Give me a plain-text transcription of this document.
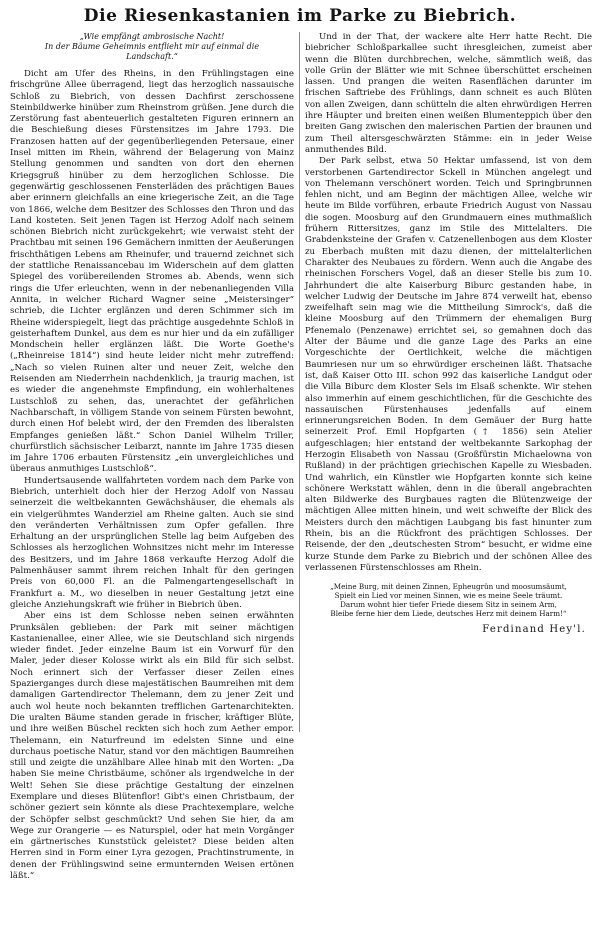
Die Riesenkastanien im Parke zu Biebrich.
„Wie empfängt ambrosische Nacht!
In der Bäume Geheimnis entflieht mir auf einmal die Landschaft.“

Dicht am Ufer des Rheins, in den Frühlingstagen eine frischgrüne Allee überragend, liegt das herzoglich nassauische Schloß zu Biebrich, von dessen Dachfirst zerschossene Steinbildwerke hinüber zum Rheinstrom grüßen. Jene durch die Zerstörung fast abenteuerlich gestalteten Figuren erinnern an die Beschießung dieses Fürstensitzes im Jahre 1793. Die Franzosen hatten auf der gegenüberliegenden Petersaue, einer Insel mitten im Rhein, während der Belagerung von Mainz Stellung genommen und sandten von dort den ehernen Kriegsgruß hinüber zu dem herzoglichen Schlosse. Die gegenwärtig geschlossenen Fensterläden des prächtigen Baues aber erinnern gleichfalls an eine kriegerische Zeit, an die Tage von 1866, welche dem Besitzer des Schlosses den Thron und das Land kosteten. Seit jenen Tagen ist Herzog Adolf nach seinem schönen Biebrich nicht zurückgekehrt; wie verwaist steht der Prachtbau mit seinen 196 Gemächern inmitten der Aeußerungen frischthätigen Lebens am Rheinufer, und trauernd zeichnet sich der stattliche Renaissancebau im Widerschein auf dem glatten Spiegel des vorübereilenden Stromes ab. Abends, wenn sich rings die Ufer erleuchten, wenn in der nebenanliegenden Villa Annita, in welcher Richard Wagner seine „Meistersinger“ schrieb, die Lichter erglänzen und deren Schimmer sich im Rheine widerspiegelt, liegt das prächtige ausgedehnte Schloß in geisterhaftem Dunkel, aus dem es nur hier und da ein zufälliger Mondschein heller erglänzen läßt. Die Worte Goethe's („Rheinreise 1814“) sind heute leider nicht mehr zutreffend: „Nach so vielen Ruinen alter und neuer Zeit, welche den Reisenden am Niederrhein nachdenklich, ja traurig machen, ist es wieder die angenehmste Empfindung, ein wohlerhaltenes Lustschloß zu sehen, das, unerachtet der gefährlichen Nachbarschaft, in völligem Stande von seinem Fürsten bewohnt, durch einen Hof belebt wird, der den Fremden des liberalsten Empfanges genießen läßt.“ Schon Daniel Wilhelm Triller, churfürstlich sächsischer Leibarzt, nannte im Jahre 1735 diesen im Jahre 1706 erbauten Fürstensitz „ein unvergleichliches und überaus anmuthiges Lustschloß“.

Hundertsausende wallfahrteten vordem nach dem Parke von Biebrich, unterhielt doch hier der Herzog Adolf von Nassau seinerzeit die weltbekannten Gewächshäuser, die ehemals als ein vielgerühmtes Wanderziel am Rheine galten. Auch sie sind den veränderten Verhältnissen zum Opfer gefallen. Ihre Erhaltung an der ursprünglichen Stelle lag beim Aufgeben des Schlosses als herzoglichen Wohnsitzes nicht mehr im Interesse des Besitzers, und im Jahre 1868 verkaufte Herzog Adolf die Palmenhäuser sammt ihrem reichen Inhalt für den geringen Preis von 60,000 Fl. an die Palmengartengesellschaft in Frankfurt a. M., wo dieselben in neuer Gestaltung jetzt eine gleiche Anziehungskraft wie früher in Biebrich üben.

Aber eins ist dem Schlosse neben seinen erwähnten Prunksälen geblieben: der Park mit seiner mächtigen Kastanienallee, einer Allee, wie sie Deutschland sich nirgends wieder findet. Jeder einzelne Baum ist ein Vorwurf für den Maler, jeder dieser Kolosse wirkt als ein Bild für sich selbst. Noch erinnert sich der Verfasser dieser Zeilen eines Spazierganges durch diese majestätischen Baumreihen mit dem damaligen Gartendirector Thelemann, dem zu jener Zeit und auch wol heute noch bekannten trefflichen Gartenarchitekten. Die uralten Bäume standen gerade in frischer, kräftiger Blüte, und ihre weißen Büschel reckten sich hoch zum Aether empor. Thelemann, ein Naturfreund im edelsten Sinne und eine durchaus poetische Natur, stand vor den mächtigen Baumreihen still und zeigte die unzählbare Allee hinab mit den Worten: „Da haben Sie meine Christbäume, schöner als irgendwelche in der Welt! Sehen Sie diese prächtige Gestaltung der einzelnen Exemplare und dieses Blütenflor! Gibt's einen Christbaum, der schöner geziert sein könnte als diese Prachtexemplare, welche der Schöpfer selbst geschmückt? Und sehen Sie hier, da am Wege zur Orangerie — es Naturspiel, oder hat mein Vorgänger ein gärtnerisches Kunststück geleistet? Diese beiden alten Herren sind in Form einer Lyra gezogen, Prachtinstrumente, in denen der Frühlingswind seine ermunternden Weisen ertönen läßt.“

Und in der That, der wackere alte Herr hatte Recht. Die biebricher Schloßparkallee sucht ihresgleichen, zumeist aber wenn die Blüten durchbrechen, welche, sämmtlich weiß, das volle Grün der Blätter wie mit Schnee überschüttet erscheinen lassen. Und prangen die weiten Rasenflächen darunter im frischen Saftriebe des Frühlings, dann schneit es auch Blüten von allen Zweigen, dann schütteln die alten ehrwürdigen Herren ihre Häupter und breiten einen weißen Blumenteppich über den breiten Gang zwischen den malerischen Partien der braunen und zum Theil altersgeschwärzten Stämme: ein in jeder Weise anmuthendes Bild.

Der Park selbst, etwa 50 Hektar umfassend, ist von dem verstorbenen Gartendirector Sckell in München angelegt und von Thelemann verschönert worden. Teich und Springbrunnen fehlen nicht, und am Beginn der mächtigen Allee, welche wir heute im Bilde vorführen, erbaute Friedrich August von Nassau die sogen. Moosburg auf den Grundmauern eines muthmaßlich frühern Rittersitzes, ganz im Stile des Mittelalters. Die Grabdenksteine der Grafen v. Catzenellenbogen aus dem Kloster zu Eberbach mußten mit dazu dienen, der mittelalterlichen Charakter des Neubaues zu fördern. Wenn auch die Angabe des rheinischen Forschers Vogel, daß an dieser Stelle bis zum 10. Jahrhundert die alte Kaiserburg Biburc gestanden habe, in welcher Ludwig der Deutsche im Jahre 874 verweilt hat, ebenso zweifelhaft sein mag wie die Mittheilung Simrock's, daß die kleine Moosburg auf den Trümmern der ehemaligen Burg Pfenemalo (Penzenawe) errichtet sei, so gemahnen doch das Alter der Bäume und die ganze Lage des Parks an eine Vorgeschichte der Oertlichkeit, welche die mächtigen Baumriesen nur um so ehrwürdiger erscheinen läßt. Thatsache ist, daß Kaiser Otto III. schon 992 das kaiserliche Landgut oder die Villa Biburc dem Kloster Sels im Elsaß schenkte. Wir stehen also immerhin auf einem geschichtlichen, für die Geschichte des nassauischen Fürstenhauses jedenfalls auf einem erinnerungsreichen Boden. In dem Gemäuer der Burg hatte seinerzeit Prof. Emil Hopfgarten († 1856) sein Atelier aufgeschlagen; hier entstand der weltbekannte Sarkophag der Herzogin Elisabeth von Nassau (Großfürstin Michaelowna von Rußland) in der prächtigen griechischen Kapelle zu Wiesbaden. Und wahrlich, ein Künstler wie Hopfgarten konnte sich keine schönere Werkstatt wählen, denn in die überall angebrachten alten Bildwerke des Burgbaues ragten die Blütenzweige der mächtigen Allee mitten hinein, und weit schweifte der Blick des Meisters durch den mächtigen Laubgang bis fast hinunter zum Rhein, bis an die Rückfront des prächtigen Schlosses. Der Reisende, der den „deutschesten Strom“ besucht, er widme eine kurze Stunde dem Parke zu Biebrich und der schönen Allee des verlassenen Fürstenschlosses am Rhein.

„Meine Burg, mit deinen Zinnen, Epheugrün und moosumsäumt,
Spielt ein Lied vor meinen Sinnen, wie es meine Seele träumt.
Darum wohnt hier tiefer Friede diesem Sitz in seinem Arm,
Bleibe ferne hier dem Liede, deutsches Herz mit deinem Harm!“
Ferdinand Hey'l.
